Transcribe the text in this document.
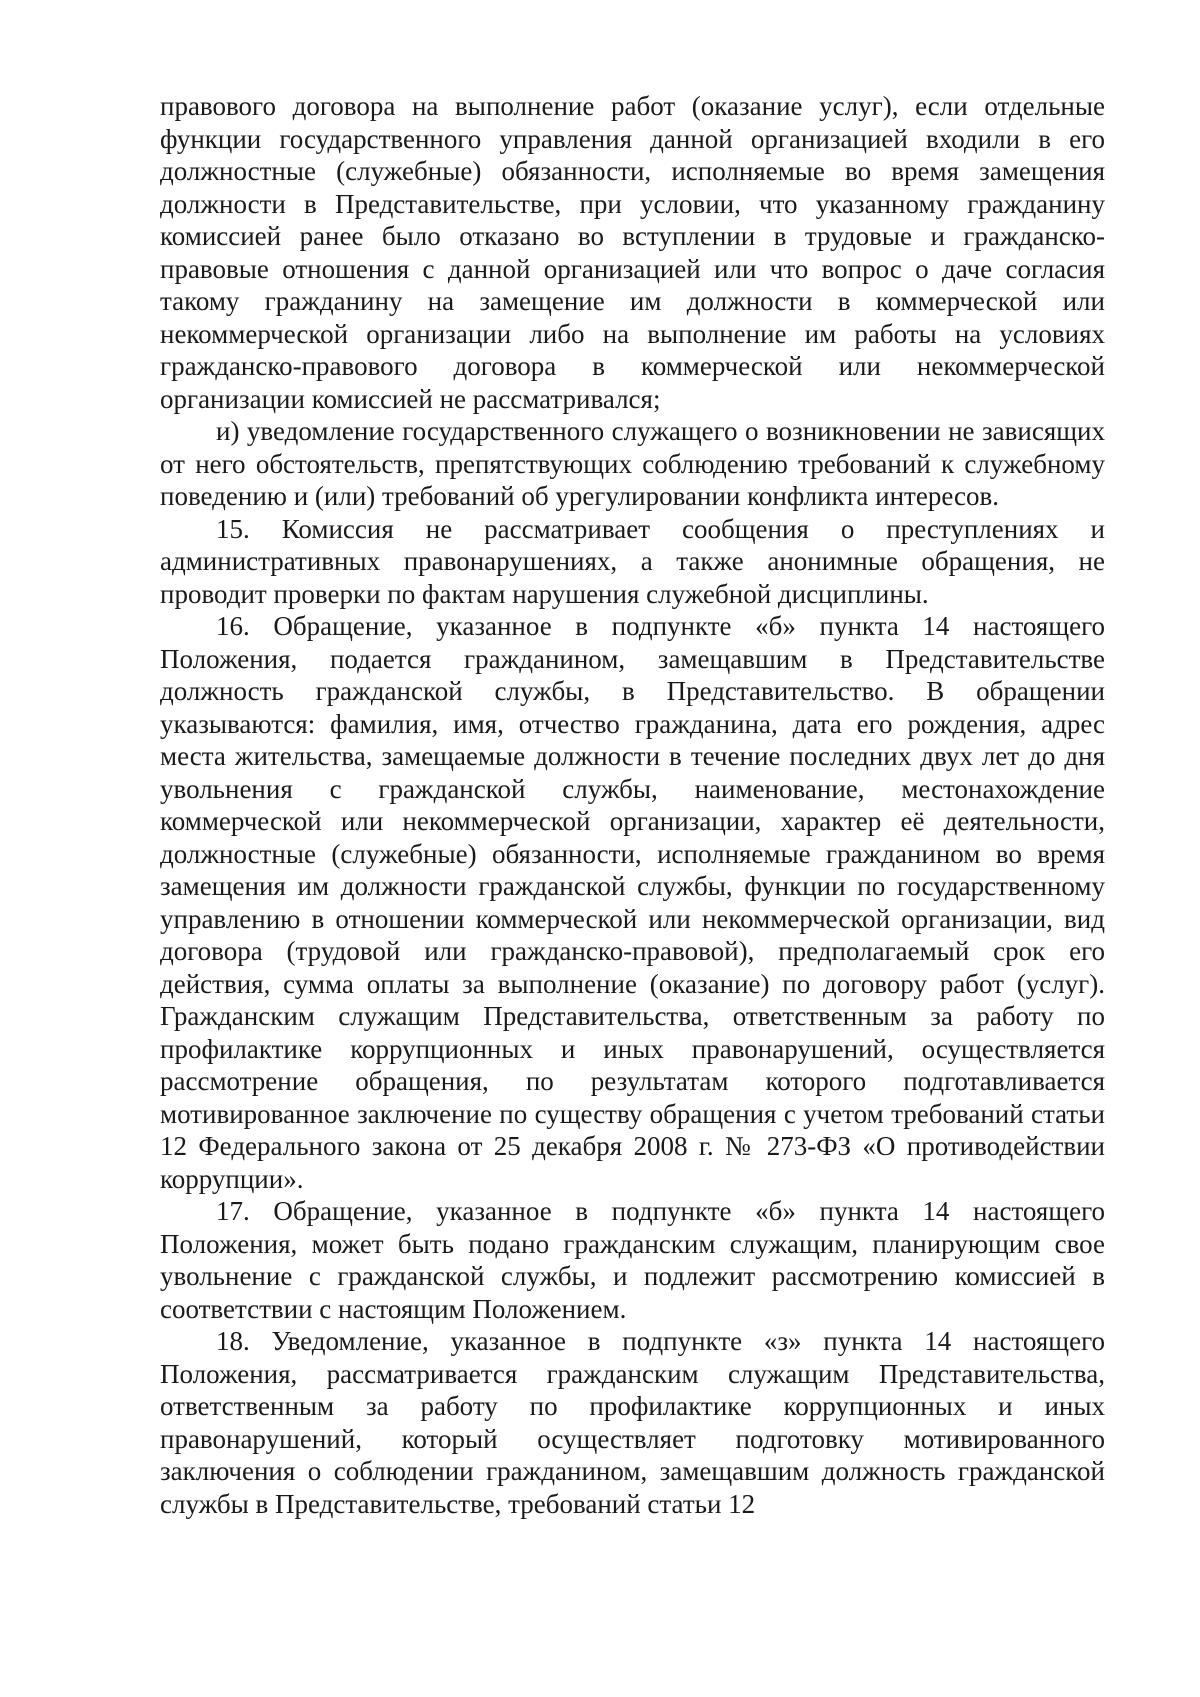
правового договора на выполнение работ (оказание услуг), если отдельные функции государственного управления данной организацией входили в его должностные (служебные) обязанности, исполняемые во время замещения должности в Представительстве, при условии, что указанному гражданину комиссией ранее было отказано во вступлении в трудовые и гражданско-правовые отношения с данной организацией или что вопрос о даче согласия такому гражданину на замещение им должности в коммерческой или некоммерческой организации либо на выполнение им работы на условиях гражданско-правового договора в коммерческой или некоммерческой организации комиссией не рассматривался;

и) уведомление государственного служащего о возникновении не зависящих от него обстоятельств, препятствующих соблюдению требований к служебному поведению и (или) требований об урегулировании конфликта интересов.

15. Комиссия не рассматривает сообщения о преступлениях и административных правонарушениях, а также анонимные обращения, не проводит проверки по фактам нарушения служебной дисциплины.

16. Обращение, указанное в подпункте «б» пункта 14 настоящего Положения, подается гражданином, замещавшим в Представительстве должность гражданской службы, в Представительство. В обращении указываются: фамилия, имя, отчество гражданина, дата его рождения, адрес места жительства, замещаемые должности в течение последних двух лет до дня увольнения с гражданской службы, наименование, местонахождение коммерческой или некоммерческой организации, характер её деятельности, должностные (служебные) обязанности, исполняемые гражданином во время замещения им должности гражданской службы, функции по государственному управлению в отношении коммерческой или некоммерческой организации, вид договора (трудовой или гражданско-правовой), предполагаемый срок его действия, сумма оплаты за выполнение (оказание) по договору работ (услуг). Гражданским служащим Представительства, ответственным за работу по профилактике коррупционных и иных правонарушений, осуществляется рассмотрение обращения, по результатам которого подготавливается мотивированное заключение по существу обращения с учетом требований статьи 12 Федерального закона от 25 декабря 2008 г. № 273-ФЗ «О противодействии коррупции».

17. Обращение, указанное в подпункте «б» пункта 14 настоящего Положения, может быть подано гражданским служащим, планирующим свое увольнение с гражданской службы, и подлежит рассмотрению комиссией в соответствии с настоящим Положением.

18. Уведомление, указанное в подпункте «з» пункта 14 настоящего Положения, рассматривается гражданским служащим Представительства, ответственным за работу по профилактике коррупционных и иных правонарушений, который осуществляет подготовку мотивированного заключения о соблюдении гражданином, замещавшим должность гражданской службы в Представительстве, требований статьи 12
